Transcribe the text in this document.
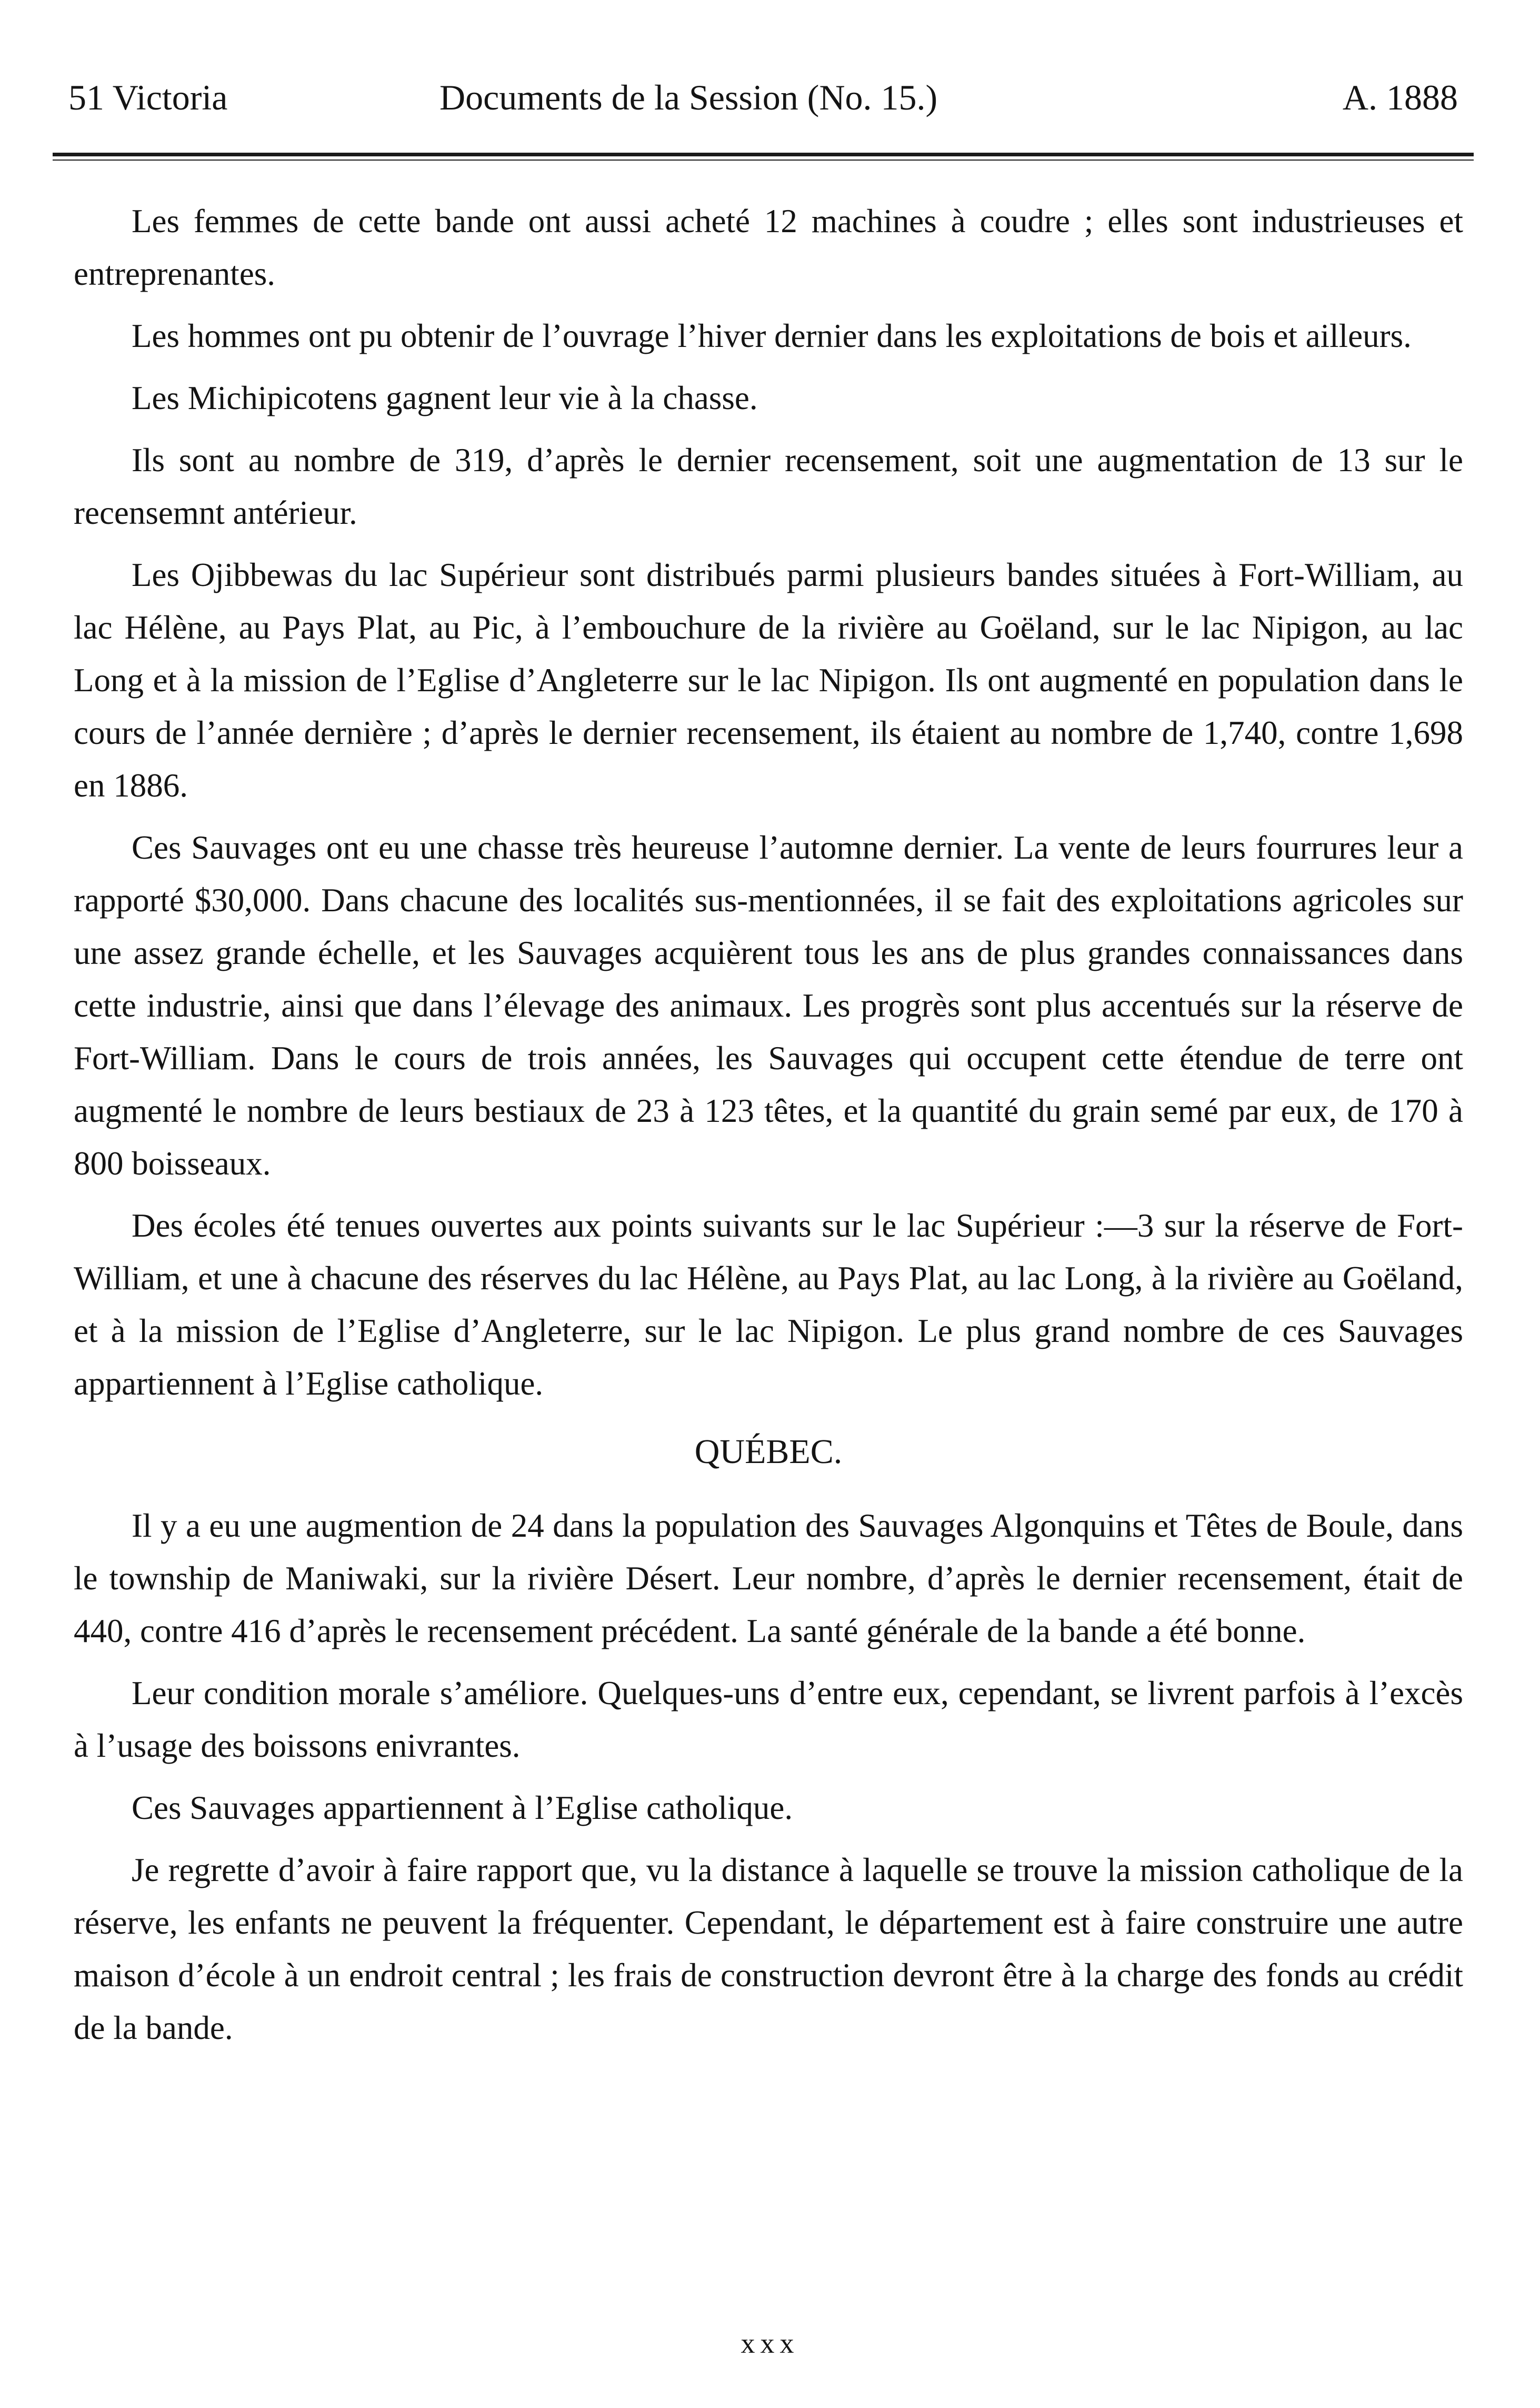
51 Victoria	Documents de la Session (No. 15.)	A. 1888

Les femmes de cette bande ont aussi acheté 12 machines à coudre ; elles sont industrieuses et entreprenantes.

Les hommes ont pu obtenir de l’ouvrage l’hiver dernier dans les exploitations de bois et ailleurs.

Les Michipicotens gagnent leur vie à la chasse.

Ils sont au nombre de 319, d’après le dernier recensement, soit une augmentation de 13 sur le recensemnt antérieur.

Les Ojibbewas du lac Supérieur sont distribués parmi plusieurs bandes situées à Fort-William, au lac Hélène, au Pays Plat, au Pic, à l’embouchure de la rivière au Goëland, sur le lac Nipigon, au lac Long et à la mission de l’Eglise d’Angleterre sur le lac Nipigon. Ils ont augmenté en population dans le cours de l’année dernière ; d’après le dernier recensement, ils étaient au nombre de 1,740, contre 1,698 en 1886.

Ces Sauvages ont eu une chasse très heureuse l’automne dernier. La vente de leurs fourrures leur a rapporté $30,000. Dans chacune des localités sus-mentionnées, il se fait des exploitations agricoles sur une assez grande échelle, et les Sauvages acquièrent tous les ans de plus grandes connaissances dans cette industrie, ainsi que dans l’élevage des animaux. Les progrès sont plus accentués sur la réserve de Fort-William. Dans le cours de trois années, les Sauvages qui occupent cette étendue de terre ont augmenté le nombre de leurs bestiaux de 23 à 123 têtes, et la quantité du grain semé par eux, de 170 à 800 boisseaux.

Des écoles été tenues ouvertes aux points suivants sur le lac Supérieur :—3 sur la réserve de Fort-William, et une à chacune des réserves du lac Hélène, au Pays Plat, au lac Long, à la rivière au Goëland, et à la mission de l’Eglise d’Angleterre, sur le lac Nipigon. Le plus grand nombre de ces Sauvages appartiennent à l’Eglise catholique.

QUÉBEC.

Il y a eu une augmention de 24 dans la population des Sauvages Algonquins et Têtes de Boule, dans le township de Maniwaki, sur la rivière Désert. Leur nombre, d’après le dernier recensement, était de 440, contre 416 d’après le recensement précédent. La santé générale de la bande a été bonne.

Leur condition morale s’améliore. Quelques-uns d’entre eux, cependant, se livrent parfois à l’excès à l’usage des boissons enivrantes.

Ces Sauvages appartiennent à l’Eglise catholique.

Je regrette d’avoir à faire rapport que, vu la distance à laquelle se trouve la mission catholique de la réserve, les enfants ne peuvent la fréquenter. Cependant, le département est à faire construire une autre maison d’école à un endroit central ; les frais de construction devront être à la charge des fonds au crédit de la bande.

xxx
